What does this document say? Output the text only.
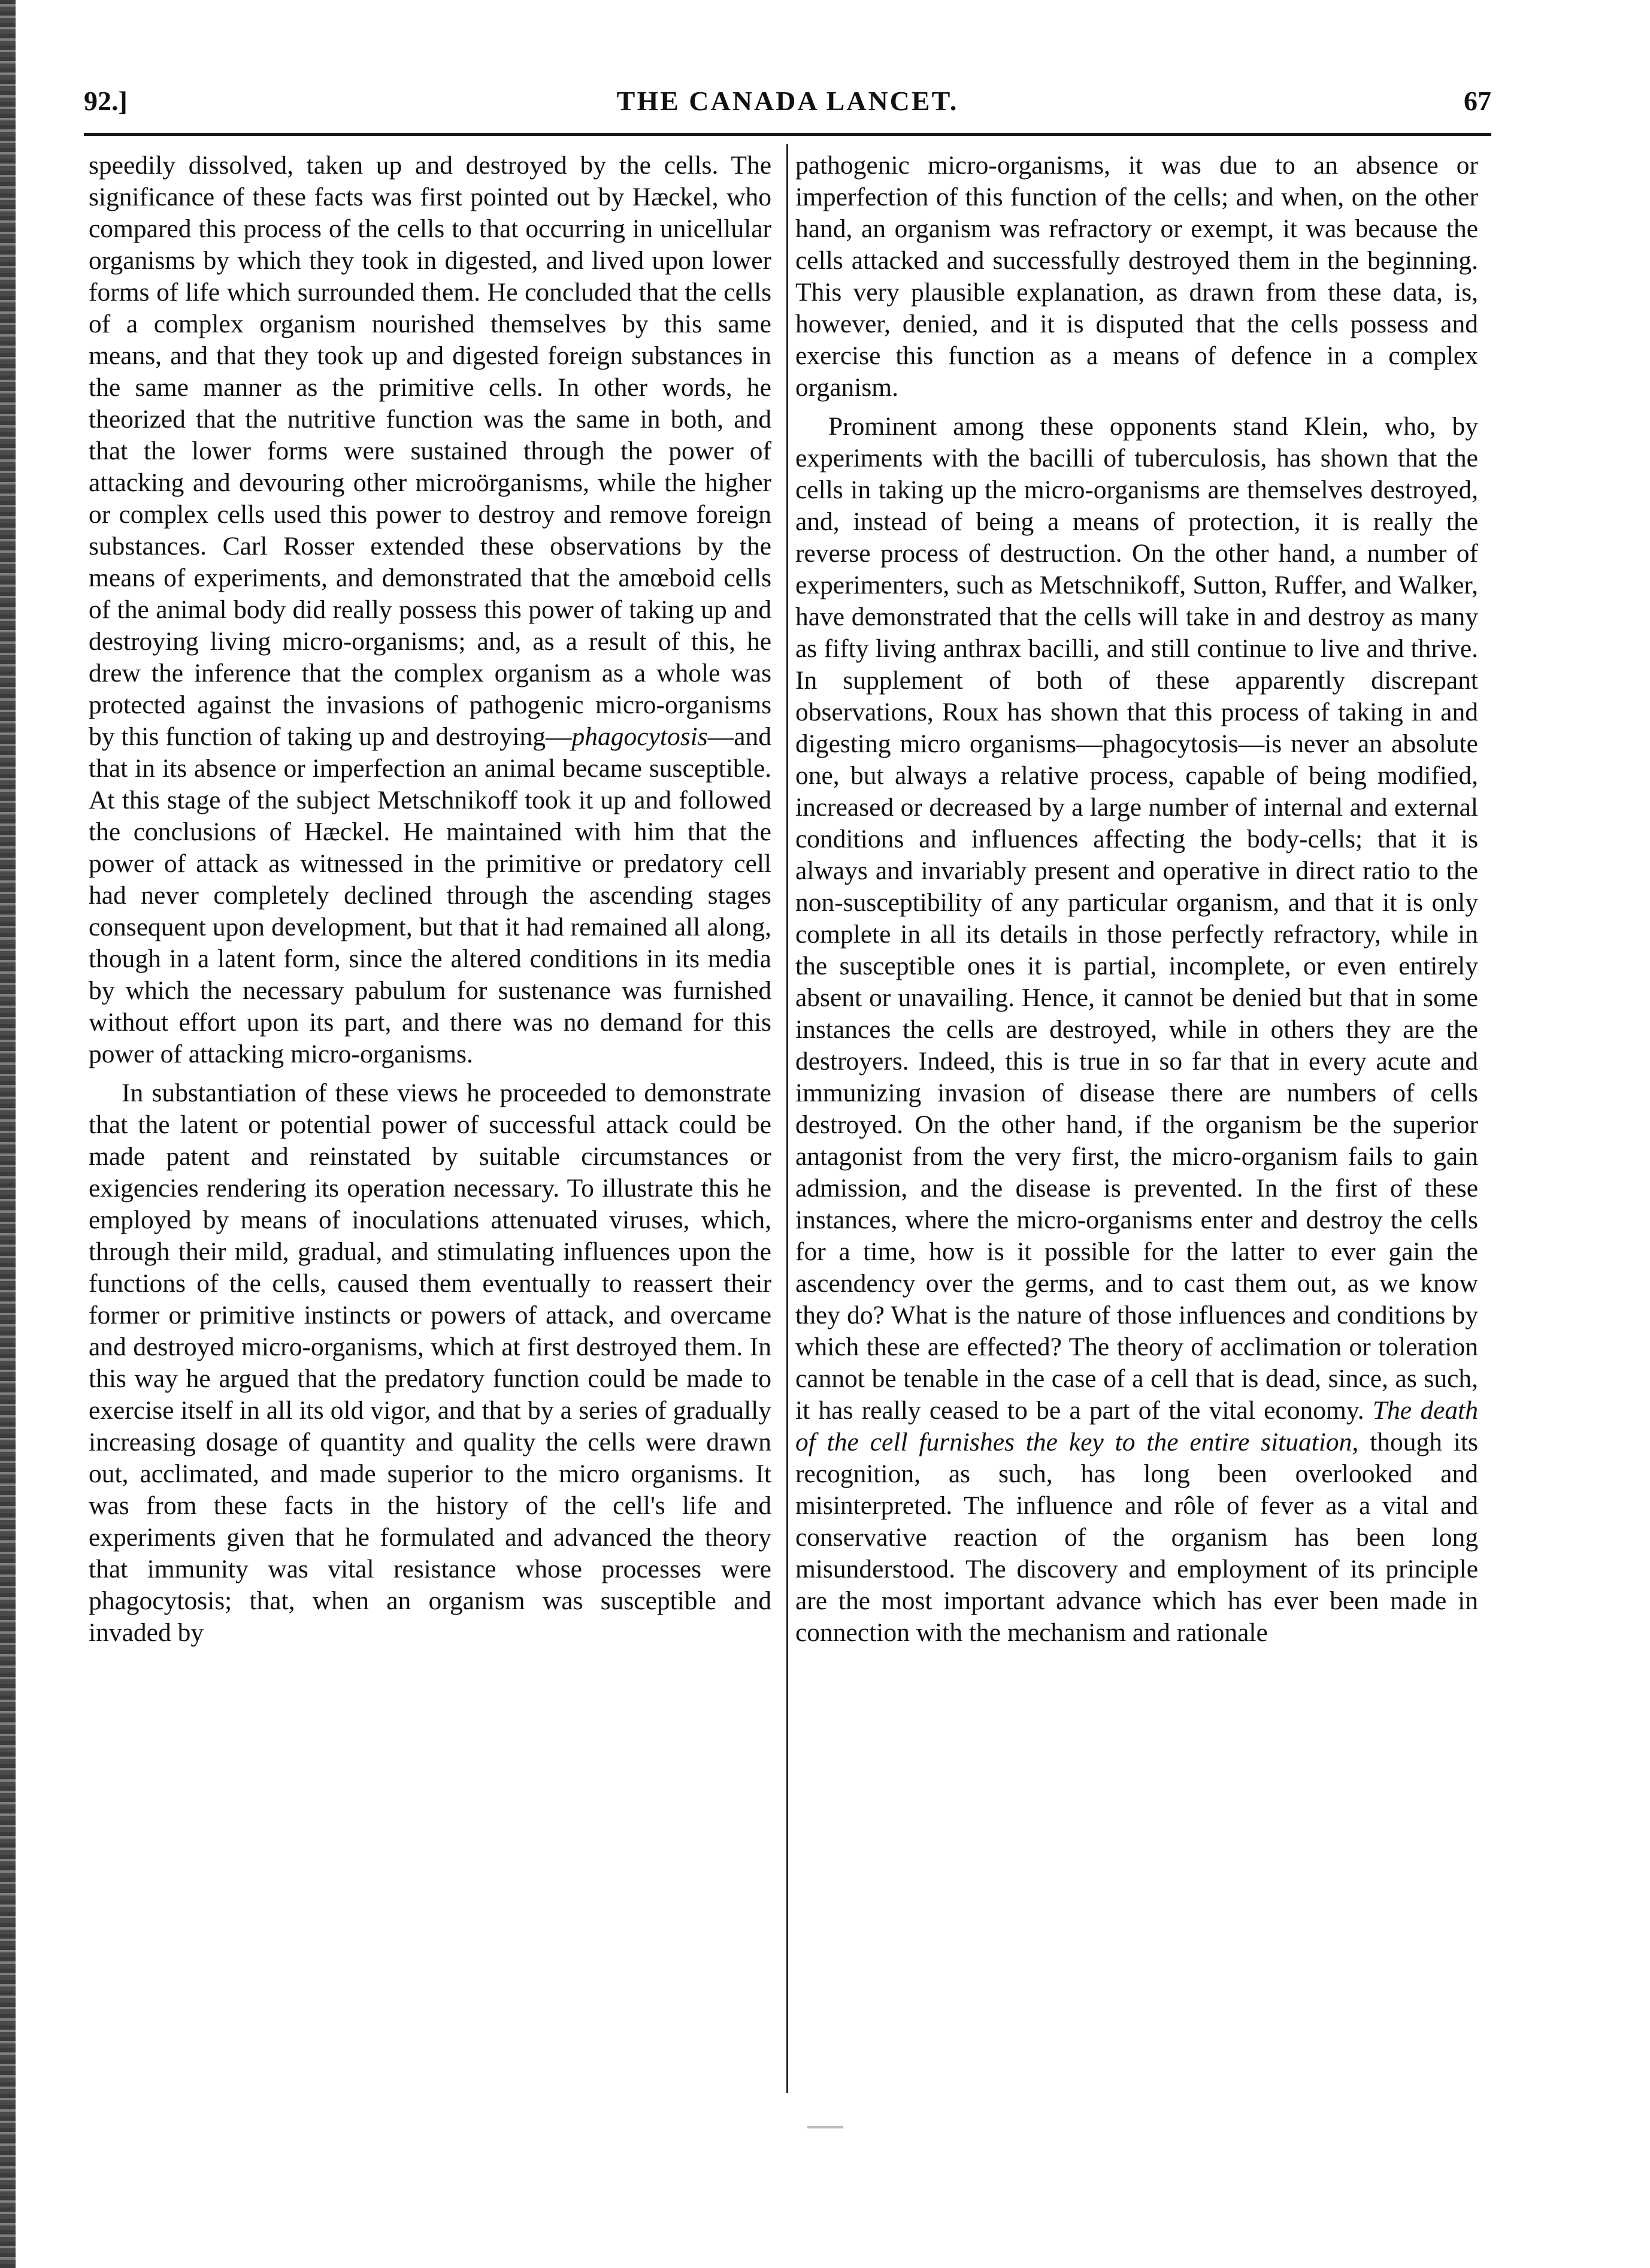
92.]	THE CANADA LANCET.	67

speedily dissolved, taken up and destroyed by the cells. The significance of these facts was first pointed out by Hæckel, who compared this process of the cells to that occurring in unicellular organisms by which they took in digested, and lived upon lower forms of life which surrounded them. He concluded that the cells of a complex organism nourished themselves by this same means, and that they took up and digested foreign substances in the same manner as the primitive cells. In other words, he theorized that the nutritive function was the same in both, and that the lower forms were sustained through the power of attacking and devouring other microörganisms, while the higher or complex cells used this power to destroy and remove foreign substances. Carl Rosser extended these observations by the means of experiments, and demonstrated that the amœboid cells of the animal body did really possess this power of taking up and destroying living micro-organisms; and, as a result of this, he drew the inference that the complex organism as a whole was protected against the invasions of pathogenic micro-organisms by this function of taking up and destroying—phagocytosis—and that in its absence or imperfection an animal became susceptible. At this stage of the subject Metschnikoff took it up and followed the conclusions of Hæckel. He maintained with him that the power of attack as witnessed in the primitive or predatory cell had never completely declined through the ascending stages consequent upon development, but that it had remained all along, though in a latent form, since the altered conditions in its media by which the necessary pabulum for sustenance was furnished without effort upon its part, and there was no demand for this power of attacking micro-organisms.

In substantiation of these views he proceeded to demonstrate that the latent or potential power of successful attack could be made patent and reinstated by suitable circumstances or exigencies rendering its operation necessary. To illustrate this he employed by means of inoculations attenuated viruses, which, through their mild, gradual, and stimulating influences upon the functions of the cells, caused them eventually to reassert their former or primitive instincts or powers of attack, and overcame and destroyed micro-organisms, which at first destroyed them. In this way he argued that the predatory function could be made to exercise itself in all its old vigor, and that by a series of gradually increasing dosage of quantity and quality the cells were drawn out, acclimated, and made superior to the micro organisms. It was from these facts in the history of the cell's life and experiments given that he formulated and advanced the theory that immunity was vital resistance whose processes were phagocytosis; that, when an organism was susceptible and invaded by

pathogenic micro-organisms, it was due to an absence or imperfection of this function of the cells; and when, on the other hand, an organism was refractory or exempt, it was because the cells attacked and successfully destroyed them in the beginning. This very plausible explanation, as drawn from these data, is, however, denied, and it is disputed that the cells possess and exercise this function as a means of defence in a complex organism.

Prominent among these opponents stand Klein, who, by experiments with the bacilli of tuberculosis, has shown that the cells in taking up the micro-organisms are themselves destroyed, and, instead of being a means of protection, it is really the reverse process of destruction. On the other hand, a number of experimenters, such as Metschnikoff, Sutton, Ruffer, and Walker, have demonstrated that the cells will take in and destroy as many as fifty living anthrax bacilli, and still continue to live and thrive. In supplement of both of these apparently discrepant observations, Roux has shown that this process of taking in and digesting micro organisms—phagocytosis—is never an absolute one, but always a relative process, capable of being modified, increased or decreased by a large number of internal and external conditions and influences affecting the body-cells; that it is always and invariably present and operative in direct ratio to the non-susceptibility of any particular organism, and that it is only complete in all its details in those perfectly refractory, while in the susceptible ones it is partial, incomplete, or even entirely absent or unavailing. Hence, it cannot be denied but that in some instances the cells are destroyed, while in others they are the destroyers. Indeed, this is true in so far that in every acute and immunizing invasion of disease there are numbers of cells destroyed. On the other hand, if the organism be the superior antagonist from the very first, the micro-organism fails to gain admission, and the disease is prevented. In the first of these instances, where the micro-organisms enter and destroy the cells for a time, how is it possible for the latter to ever gain the ascendency over the germs, and to cast them out, as we know they do? What is the nature of those influences and conditions by which these are effected? The theory of acclimation or toleration cannot be tenable in the case of a cell that is dead, since, as such, it has really ceased to be a part of the vital economy. The death of the cell furnishes the key to the entire situation, though its recognition, as such, has long been overlooked and misinterpreted. The influence and rôle of fever as a vital and conservative reaction of the organism has been long misunderstood. The discovery and employment of its principle are the most important advance which has ever been made in connection with the mechanism and rationale
